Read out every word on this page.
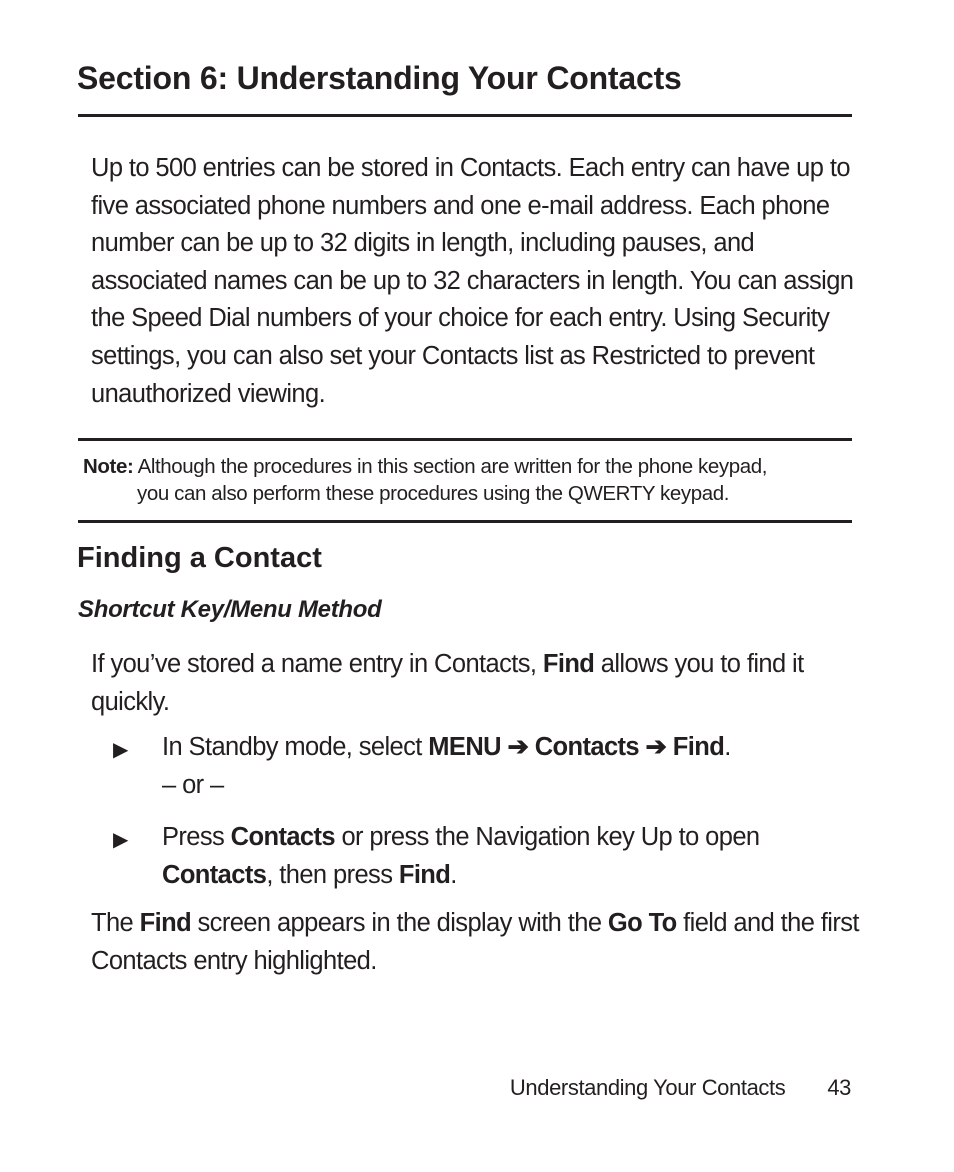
Section 6: Understanding Your Contacts

Up to 500 entries can be stored in Contacts. Each entry can have up to five associated phone numbers and one e-mail address. Each phone number can be up to 32 digits in length, including pauses, and associated names can be up to 32 characters in length. You can assign the Speed Dial numbers of your choice for each entry. Using Security settings, you can also set your Contacts list as Restricted to prevent unauthorized viewing.

Note: Although the procedures in this section are written for the phone keypad,
you can also perform these procedures using the QWERTY keypad.
Finding a Contact
Shortcut Key/Menu Method

If you’ve stored a name entry in Contacts, Find allows you to find it quickly.

▶ In Standby mode, select MENU ➔ Contacts ➔ Find.
– or –

▶ Press Contacts or press the Navigation key Up to open
Contacts, then press Find.

The Find screen appears in the display with the Go To field and the first Contacts entry highlighted.

Understanding Your Contacts 43
